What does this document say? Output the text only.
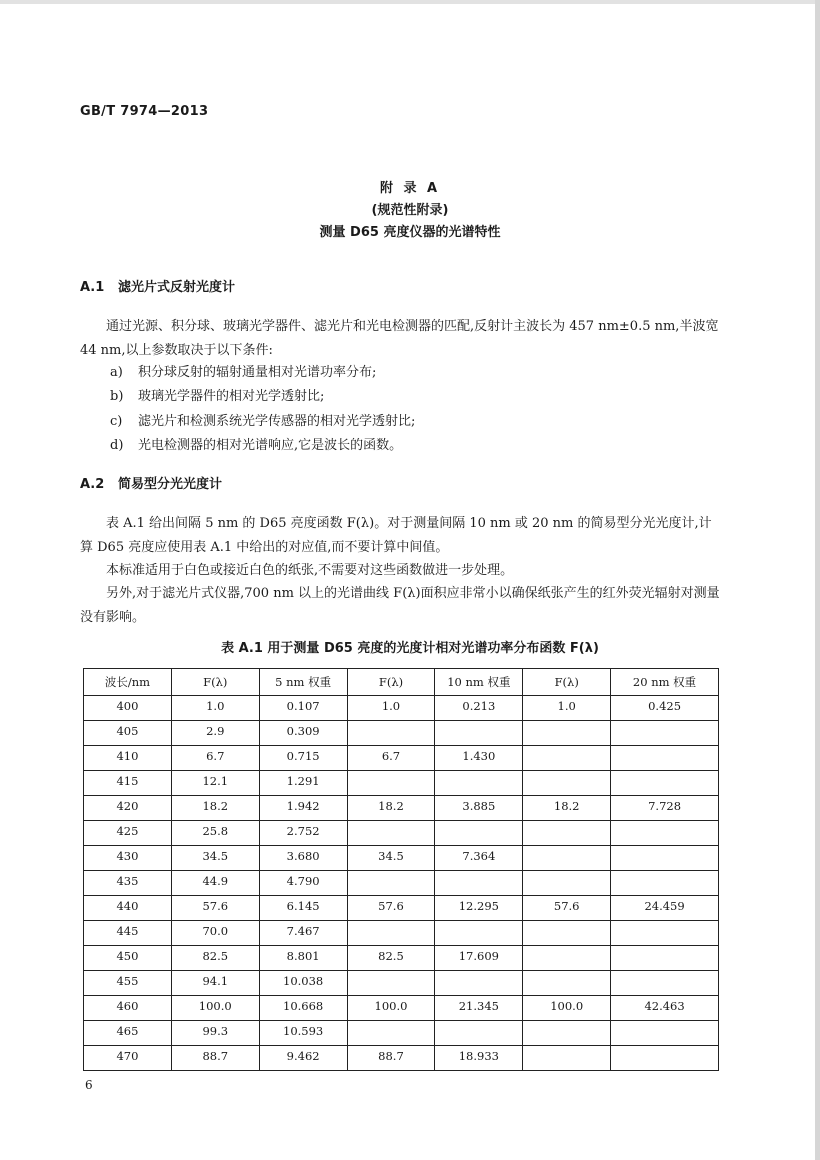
GB/T 7974—2013
附 录 A
(规范性附录)
测量 D65 亮度仪器的光谱特性
A.1 滤光片式反射光度计
通过光源、积分球、玻璃光学器件、滤光片和光电检测器的匹配,反射计主波长为 457 nm±0.5 nm,半波宽 44 nm,以上参数取决于以下条件:
a) 积分球反射的辐射通量相对光谱功率分布;
b) 玻璃光学器件的相对光学透射比;
c) 滤光片和检测系统光学传感器的相对光学透射比;
d) 光电检测器的相对光谱响应,它是波长的函数。
A.2 简易型分光光度计
表 A.1 给出间隔 5 nm 的 D65 亮度函数 F(λ)。对于测量间隔 10 nm 或 20 nm 的简易型分光光度计,计算 D65 亮度应使用表 A.1 中给出的对应值,而不要计算中间值。
本标准适用于白色或接近白色的纸张,不需要对这些函数做进一步处理。
另外,对于滤光片式仪器,700 nm 以上的光谱曲线 F(λ)面积应非常小以确保纸张产生的红外荧光辐射对测量没有影响。
表 A.1 用于测量 D65 亮度的光度计相对光谱功率分布函数 F(λ)
波长/nm	F(λ)	5 nm 权重	F(λ)	10 nm 权重	F(λ)	20 nm 权重
400	1.0	0.107	1.0	0.213	1.0	0.425
405	2.9	0.309				
410	6.7	0.715	6.7	1.430		
415	12.1	1.291				
420	18.2	1.942	18.2	3.885	18.2	7.728
425	25.8	2.752				
430	34.5	3.680	34.5	7.364		
435	44.9	4.790				
440	57.6	6.145	57.6	12.295	57.6	24.459
445	70.0	7.467				
450	82.5	8.801	82.5	17.609		
455	94.1	10.038				
460	100.0	10.668	100.0	21.345	100.0	42.463
465	99.3	10.593				
470	88.7	9.462	88.7	18.933		
6
